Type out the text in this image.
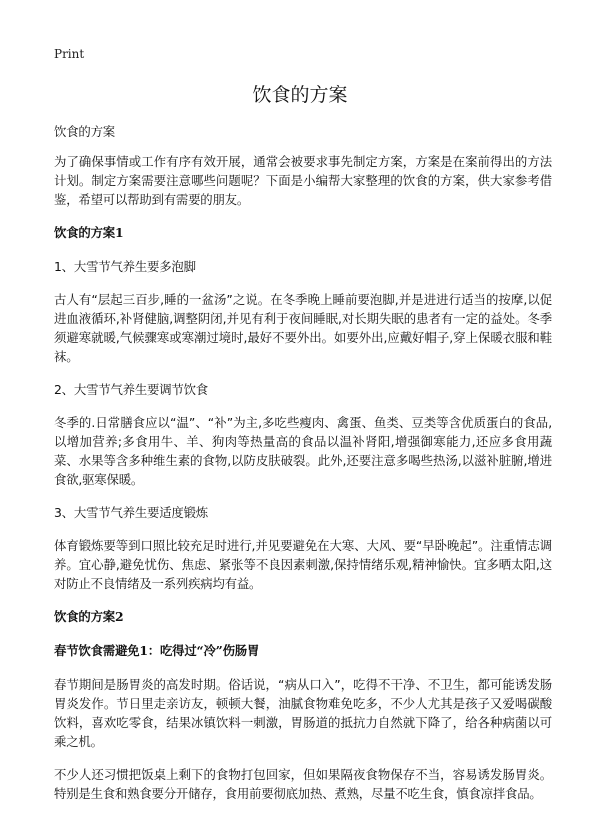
Print
饮食的方案

饮食的方案

为了确保事情或工作有序有效开展，通常会被要求事先制定方案，方案是在案前得出的方法计划。制定方案需要注意哪些问题呢？下面是小编帮大家整理的饮食的方案，供大家参考借鉴，希望可以帮助到有需要的朋友。

饮食的方案1

1、大雪节气养生要多泡脚

古人有“层起三百步,睡的一盆汤”之说。在冬季晚上睡前要泡脚,并是进进行适当的按摩,以促进血液循环,补肾健脑,调整阴闭,并见有利于夜间睡眠,对长期失眠的患者有一定的益处。冬季须避寒就暖,气候骤寒或寒潮过境时,最好不要外出。如要外出,应戴好帽子,穿上保暖衣服和鞋袜。

2、大雪节气养生要调节饮食

冬季的.日常膳食应以“温”、“补”为主,多吃些瘦肉、禽蛋、鱼类、豆类等含优质蛋白的食品,以增加营养;多食用牛、羊、狗肉等热量高的食品以温补肾阳,增强御寒能力,还应多食用蔬菜、水果等含多种维生素的食物,以防皮肤破裂。此外,还要注意多喝些热汤,以滋补脏腑,增进食欲,驱寒保暖。

3、大雪节气养生要适度锻炼

体育锻炼要等到口照比较充足时进行,并见要避免在大寒、大风、要“早卧晚起”。注重情志调养。宜心静,避免忧伤、焦虑、紧张等不良因素刺激,保持情绪乐观,精神愉快。宜多晒太阳,这对防止不良情绪及一系列疾病均有益。

饮食的方案2

春节饮食需避免1：吃得过“冷”伤肠胃

春节期间是肠胃炎的高发时期。俗话说，“病从口入”，吃得不干净、不卫生，都可能诱发肠胃炎发作。节日里走亲访友，顿顿大餐，油腻食物难免吃多，不少人尤其是孩子又爱喝碳酸饮料，喜欢吃零食，结果冰镇饮料一刺激，胃肠道的抵抗力自然就下降了，给各种病菌以可乘之机。

不少人还习惯把饭桌上剩下的食物打包回家，但如果隔夜食物保存不当，容易诱发肠胃炎。特别是生食和熟食要分开储存，食用前要彻底加热、煮熟，尽量不吃生食，慎食凉拌食品。
